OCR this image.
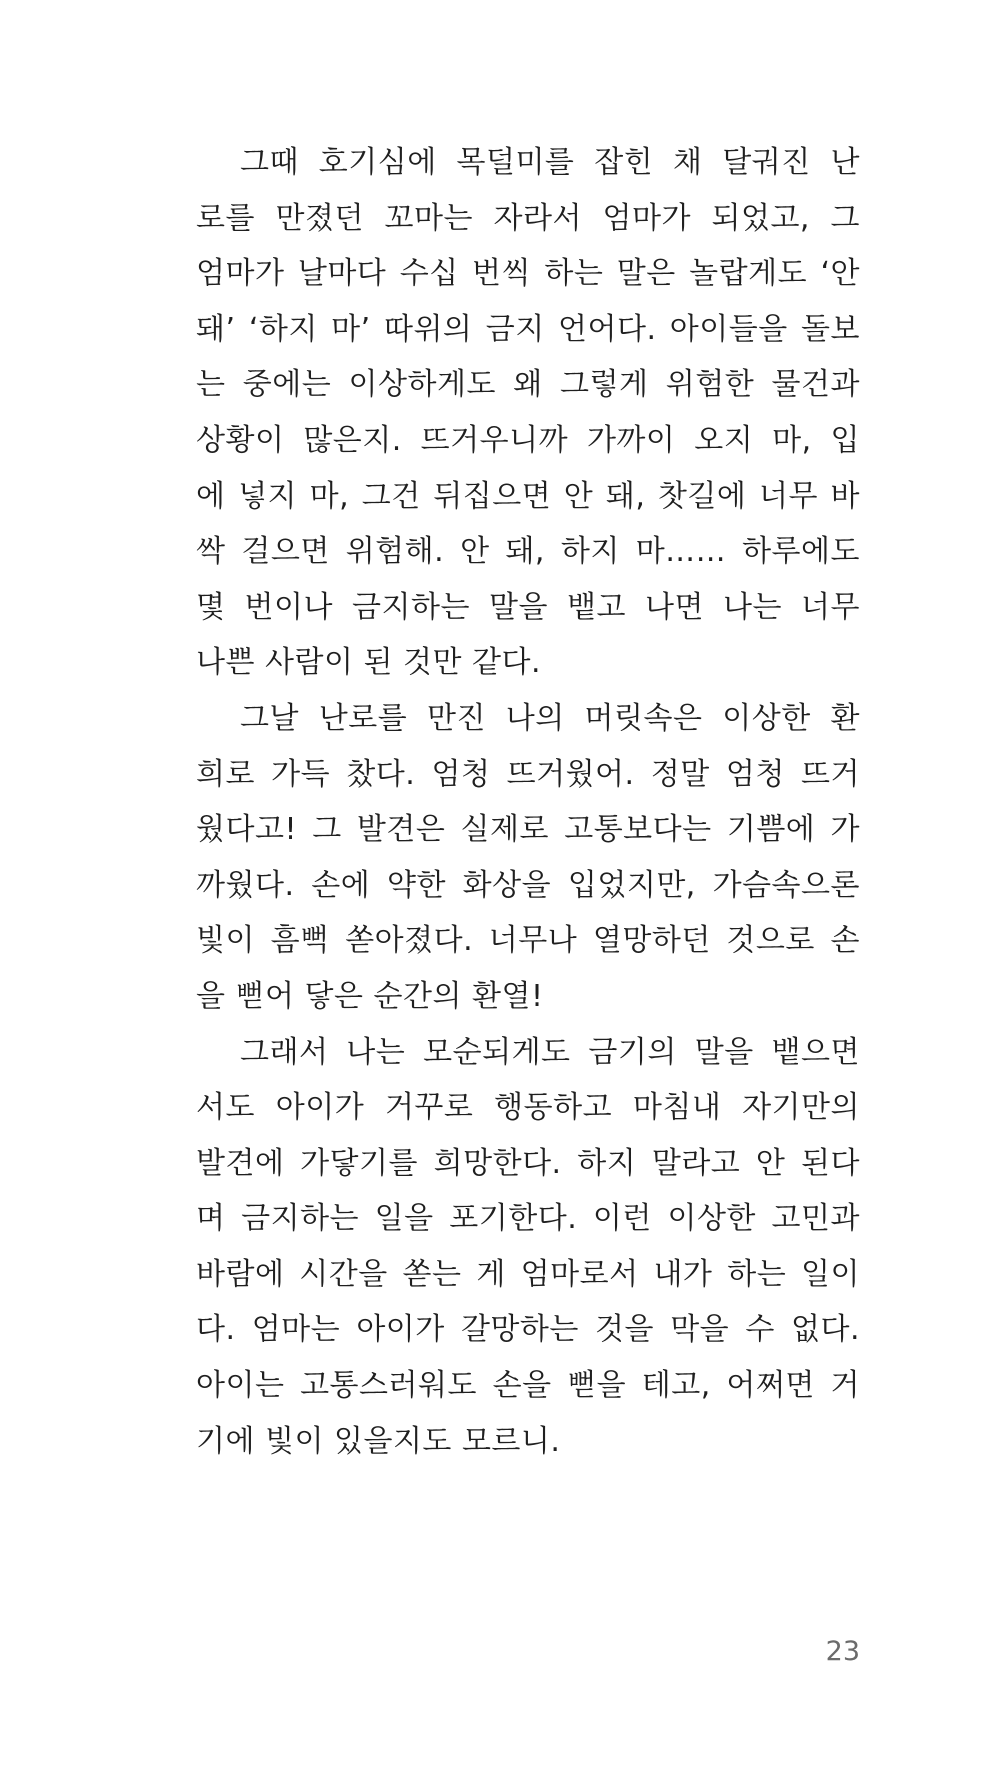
그때 호기심에 목덜미를 잡힌 채 달궈진 난
로를 만졌던 꼬마는 자라서 엄마가 되었고, 그
엄마가 날마다 수십 번씩 하는 말은 놀랍게도 ‘안
돼’ ‘하지 마’ 따위의 금지 언어다. 아이들을 돌보
는 중에는 이상하게도 왜 그렇게 위험한 물건과
상황이 많은지. 뜨거우니까 가까이 오지 마, 입
에 넣지 마, 그건 뒤집으면 안 돼, 찻길에 너무 바
싹 걸으면 위험해. 안 돼, 하지 마…… 하루에도
몇 번이나 금지하는 말을 뱉고 나면 나는 너무
나쁜 사람이 된 것만 같다.
그날 난로를 만진 나의 머릿속은 이상한 환
희로 가득 찼다. 엄청 뜨거웠어. 정말 엄청 뜨거
웠다고! 그 발견은 실제로 고통보다는 기쁨에 가
까웠다. 손에 약한 화상을 입었지만, 가슴속으론
빛이 흠뻑 쏟아졌다. 너무나 열망하던 것으로 손
을 뻗어 닿은 순간의 환열!
그래서 나는 모순되게도 금기의 말을 뱉으면
서도 아이가 거꾸로 행동하고 마침내 자기만의
발견에 가닿기를 희망한다. 하지 말라고 안 된다
며 금지하는 일을 포기한다. 이런 이상한 고민과
바람에 시간을 쏟는 게 엄마로서 내가 하는 일이
다. 엄마는 아이가 갈망하는 것을 막을 수 없다.
아이는 고통스러워도 손을 뻗을 테고, 어쩌면 거
기에 빛이 있을지도 모르니.
23
